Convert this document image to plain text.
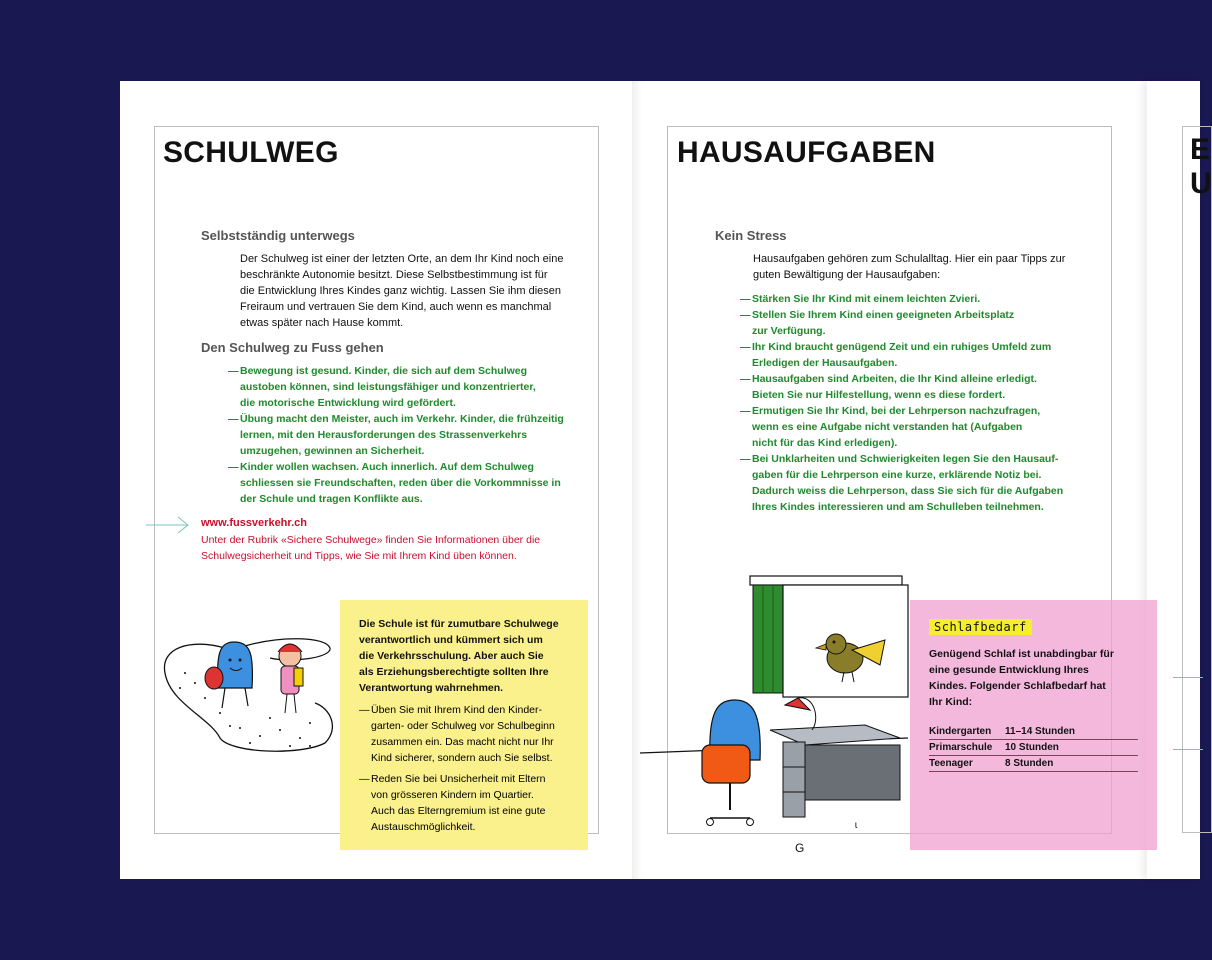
E
U
SCHULWEG
Selbstständig unterwegs
Der Schulweg ist einer der letzten Orte, an dem Ihr Kind noch eine
beschränkte Autonomie besitzt. Diese Selbstbestimmung ist für
die Entwicklung Ihres Kindes ganz wichtig. Lassen Sie ihm diesen
Freiraum und vertrauen Sie dem Kind, auch wenn es manchmal
etwas später nach Hause kommt.
Den Schulweg zu Fuss gehen
— Bewegung ist gesund. Kinder, die sich auf dem Schulweg
austoben können, sind leistungsfähiger und konzentrierter,
die motorische Entwicklung wird gefördert.
— Übung macht den Meister, auch im Verkehr. Kinder, die frühzeitig
lernen, mit den Herausforderungen des Strassenverkehrs
umzugehen, gewinnen an Sicherheit.
— Kinder wollen wachsen. Auch innerlich. Auf dem Schulweg
schliessen sie Freundschaften, reden über die Vorkommnisse in
der Schule und tragen Konflikte aus.
www.fussverkehr.ch
Unter der Rubrik «Sichere Schulwege» finden Sie Informationen über die
Schulwegsicherheit und Tipps, wie Sie mit Ihrem Kind üben können.

Die Schule ist für zumutbare Schulwege
verantwortlich und kümmert sich um
die Verkehrsschulung. Aber auch Sie
als Erziehungsberechtigte sollten Ihre
Verantwortung wahrnehmen.

— Üben Sie mit Ihrem Kind den Kinder-
garten- oder Schulweg vor Schulbeginn
zusammen ein. Das macht nicht nur Ihr
Kind sicherer, sondern auch Sie selbst.
— Reden Sie bei Unsicherheit mit Eltern
von grösseren Kindern im Quartier.
Auch das Elterngremium ist eine gute
Austauschmöglichkeit.
HAUSAUFGABEN
Kein Stress
Hausaufgaben gehören zum Schulalltag. Hier ein paar Tipps zur
guten Bewältigung der Hausaufgaben:
— Stärken Sie Ihr Kind mit einem leichten Zvieri.
— Stellen Sie Ihrem Kind einen geeigneten Arbeitsplatz
zur Verfügung.
— Ihr Kind braucht genügend Zeit und ein ruhiges Umfeld zum
Erledigen der Hausaufgaben.
— Hausaufgaben sind Arbeiten, die Ihr Kind alleine erledigt.
Bieten Sie nur Hilfestellung, wenn es diese fordert.
— Ermutigen Sie Ihr Kind, bei der Lehrperson nachzufragen,
wenn es eine Aufgabe nicht verstanden hat (Aufgaben
nicht für das Kind erledigen).
— Bei Unklarheiten und Schwierigkeiten legen Sie den Hausauf-
gaben für die Lehrperson eine kurze, erklärende Notiz bei.
Dadurch weiss die Lehrperson, dass Sie sich für die Aufgaben
Ihres Kindes interessieren und am Schulleben teilnehmen.
G
ɩ
Schlafbedarf

Genügend Schlaf ist unabdingbar für
eine gesunde Entwicklung Ihres
Kindes. Folgender Schlafbedarf hat
Ihr Kind:

Kindergarten	11–14 Stunden
Primarschule	10 Stunden
Teenager	8 Stunden
